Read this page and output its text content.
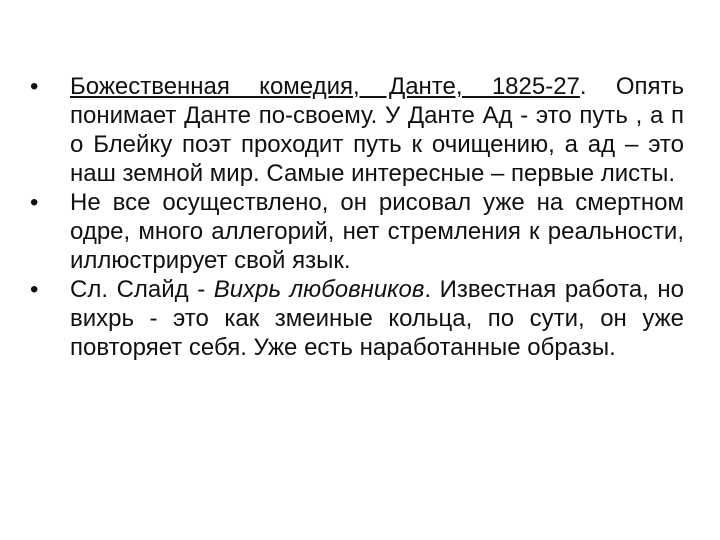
•	Божественная комедия, Данте, 1825-27. Опять понимает Данте по-своему. У Данте Ад - это путь , а п о Блейку поэт проходит путь к очищению, а ад – это наш земной мир. Самые интересные – первые листы.
•	Не все осуществлено, он рисовал уже на смертном одре, много аллегорий, нет стремления к реальности, иллюстрирует свой язык.
•	Сл. Слайд - Вихрь любовников. Известная работа, но вихрь - это как змеиные кольца, по сути, он уже повторяет себя. Уже есть наработанные образы.
